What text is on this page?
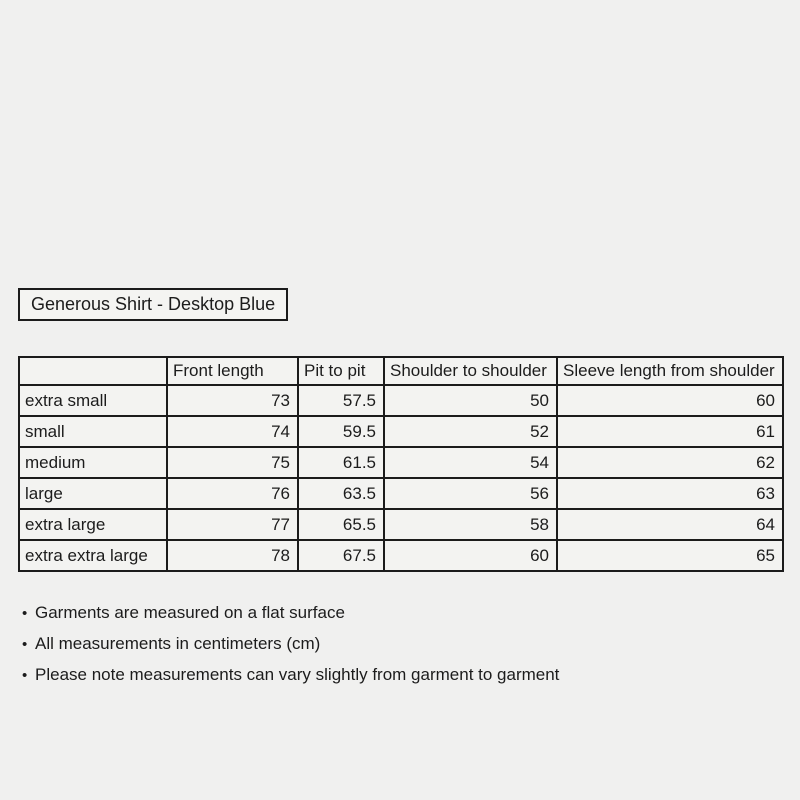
Generous Shirt - Desktop Blue
	Front length	Pit to pit	Shoulder to shoulder	Sleeve length from shoulder
extra small	73	57.5	50	60
small	74	59.5	52	61
medium	75	61.5	54	62
large	76	63.5	56	63
extra large	77	65.5	58	64
extra extra large	78	67.5	60	65
• Garments are measured on a flat surface
• All measurements in centimeters (cm)
• Please note measurements can vary slightly from garment to garment
